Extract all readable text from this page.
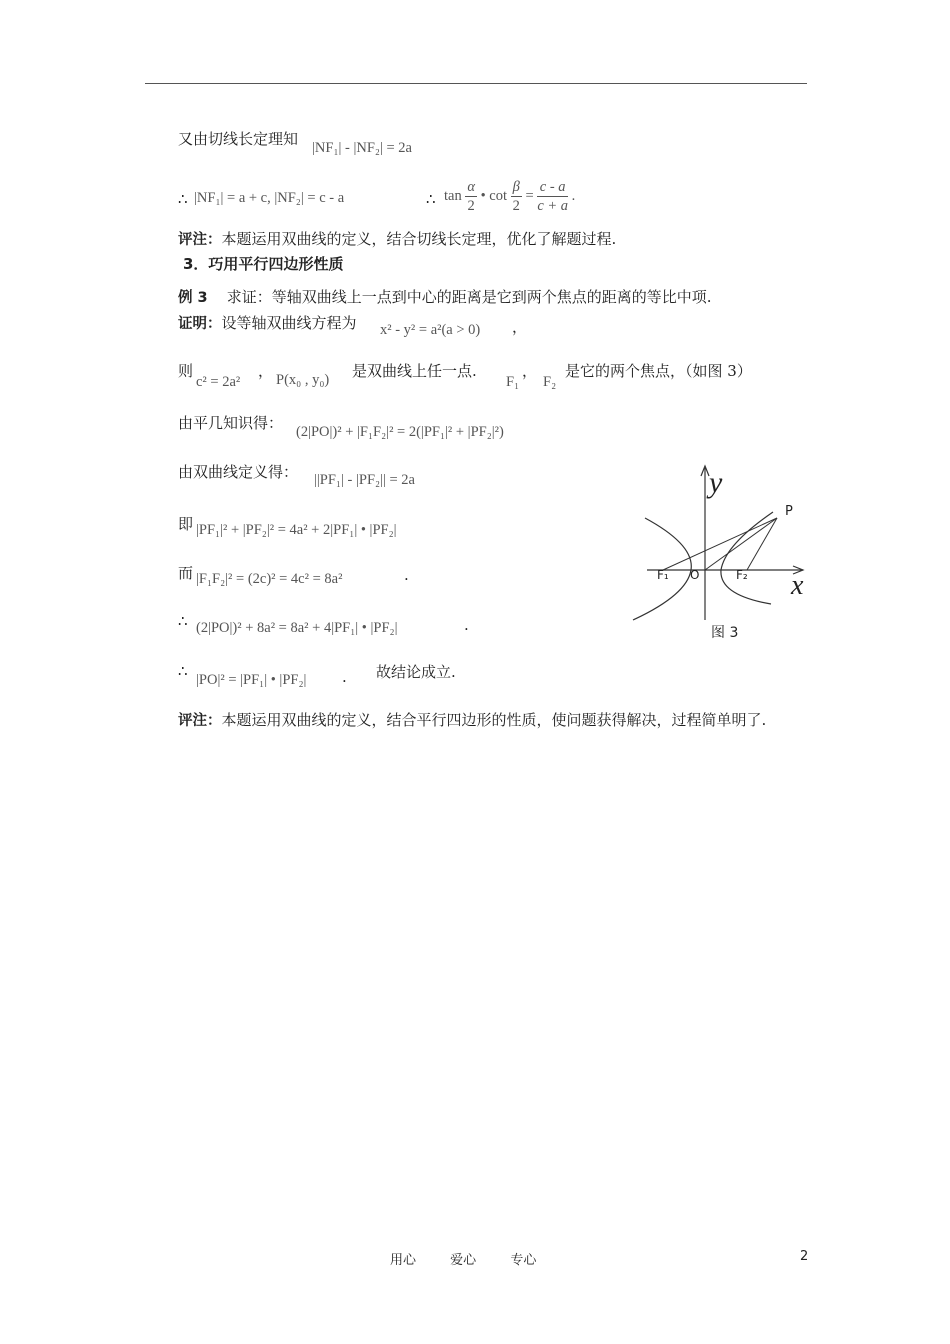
又由切线长定理知 |NF₁| - |NF₂| = 2a
∴ |NF₁| = a + c, |NF₂| = c - a	∴ $\tan \frac{\alpha}{2}$ • $\cot \frac{\beta}{2} = \frac{c - a}{c + a}$ .
评注：本题运用双曲线的定义，结合切线长定理，优化了解题过程.
3．巧用平行四边形性质
例 3 求证：等轴双曲线上一点到中心的距离是它到两个焦点的距离的等比中项.
证明：设等轴双曲线方程为 x² - y² = a²(a > 0) ，
则
c² = 2a²
， P(x₀ , y₀) 是双曲线上任一点.
F₁
，
F₂
是它的两个焦点，（如图 3）
由平几知识得： (2|PO|)² + |F₁F₂|² = 2(|PF₁|² + |PF₂|²)
由双曲线定义得： ||PF₁| - |PF₂|| = 2a
即 |PF₁|² + |PF₂|² = 4a² + 2|PF₁| • |PF₂|
而 |F₁F₂|² = (2c)² = 4c² = 8a²	.
∴ (2|PO|)² + 8a² = 8a² + 4|PF₁| • |PF₂|	.
∴ |PO|² = |PF₁| • |PF₂| . 故结论成立.
评注：本题运用双曲线的定义，结合平行四边形的性质，使问题获得解决，过程简单明了.
y
x
P
F₁ O	F₂
图 3
用心	爱心	专心	2
